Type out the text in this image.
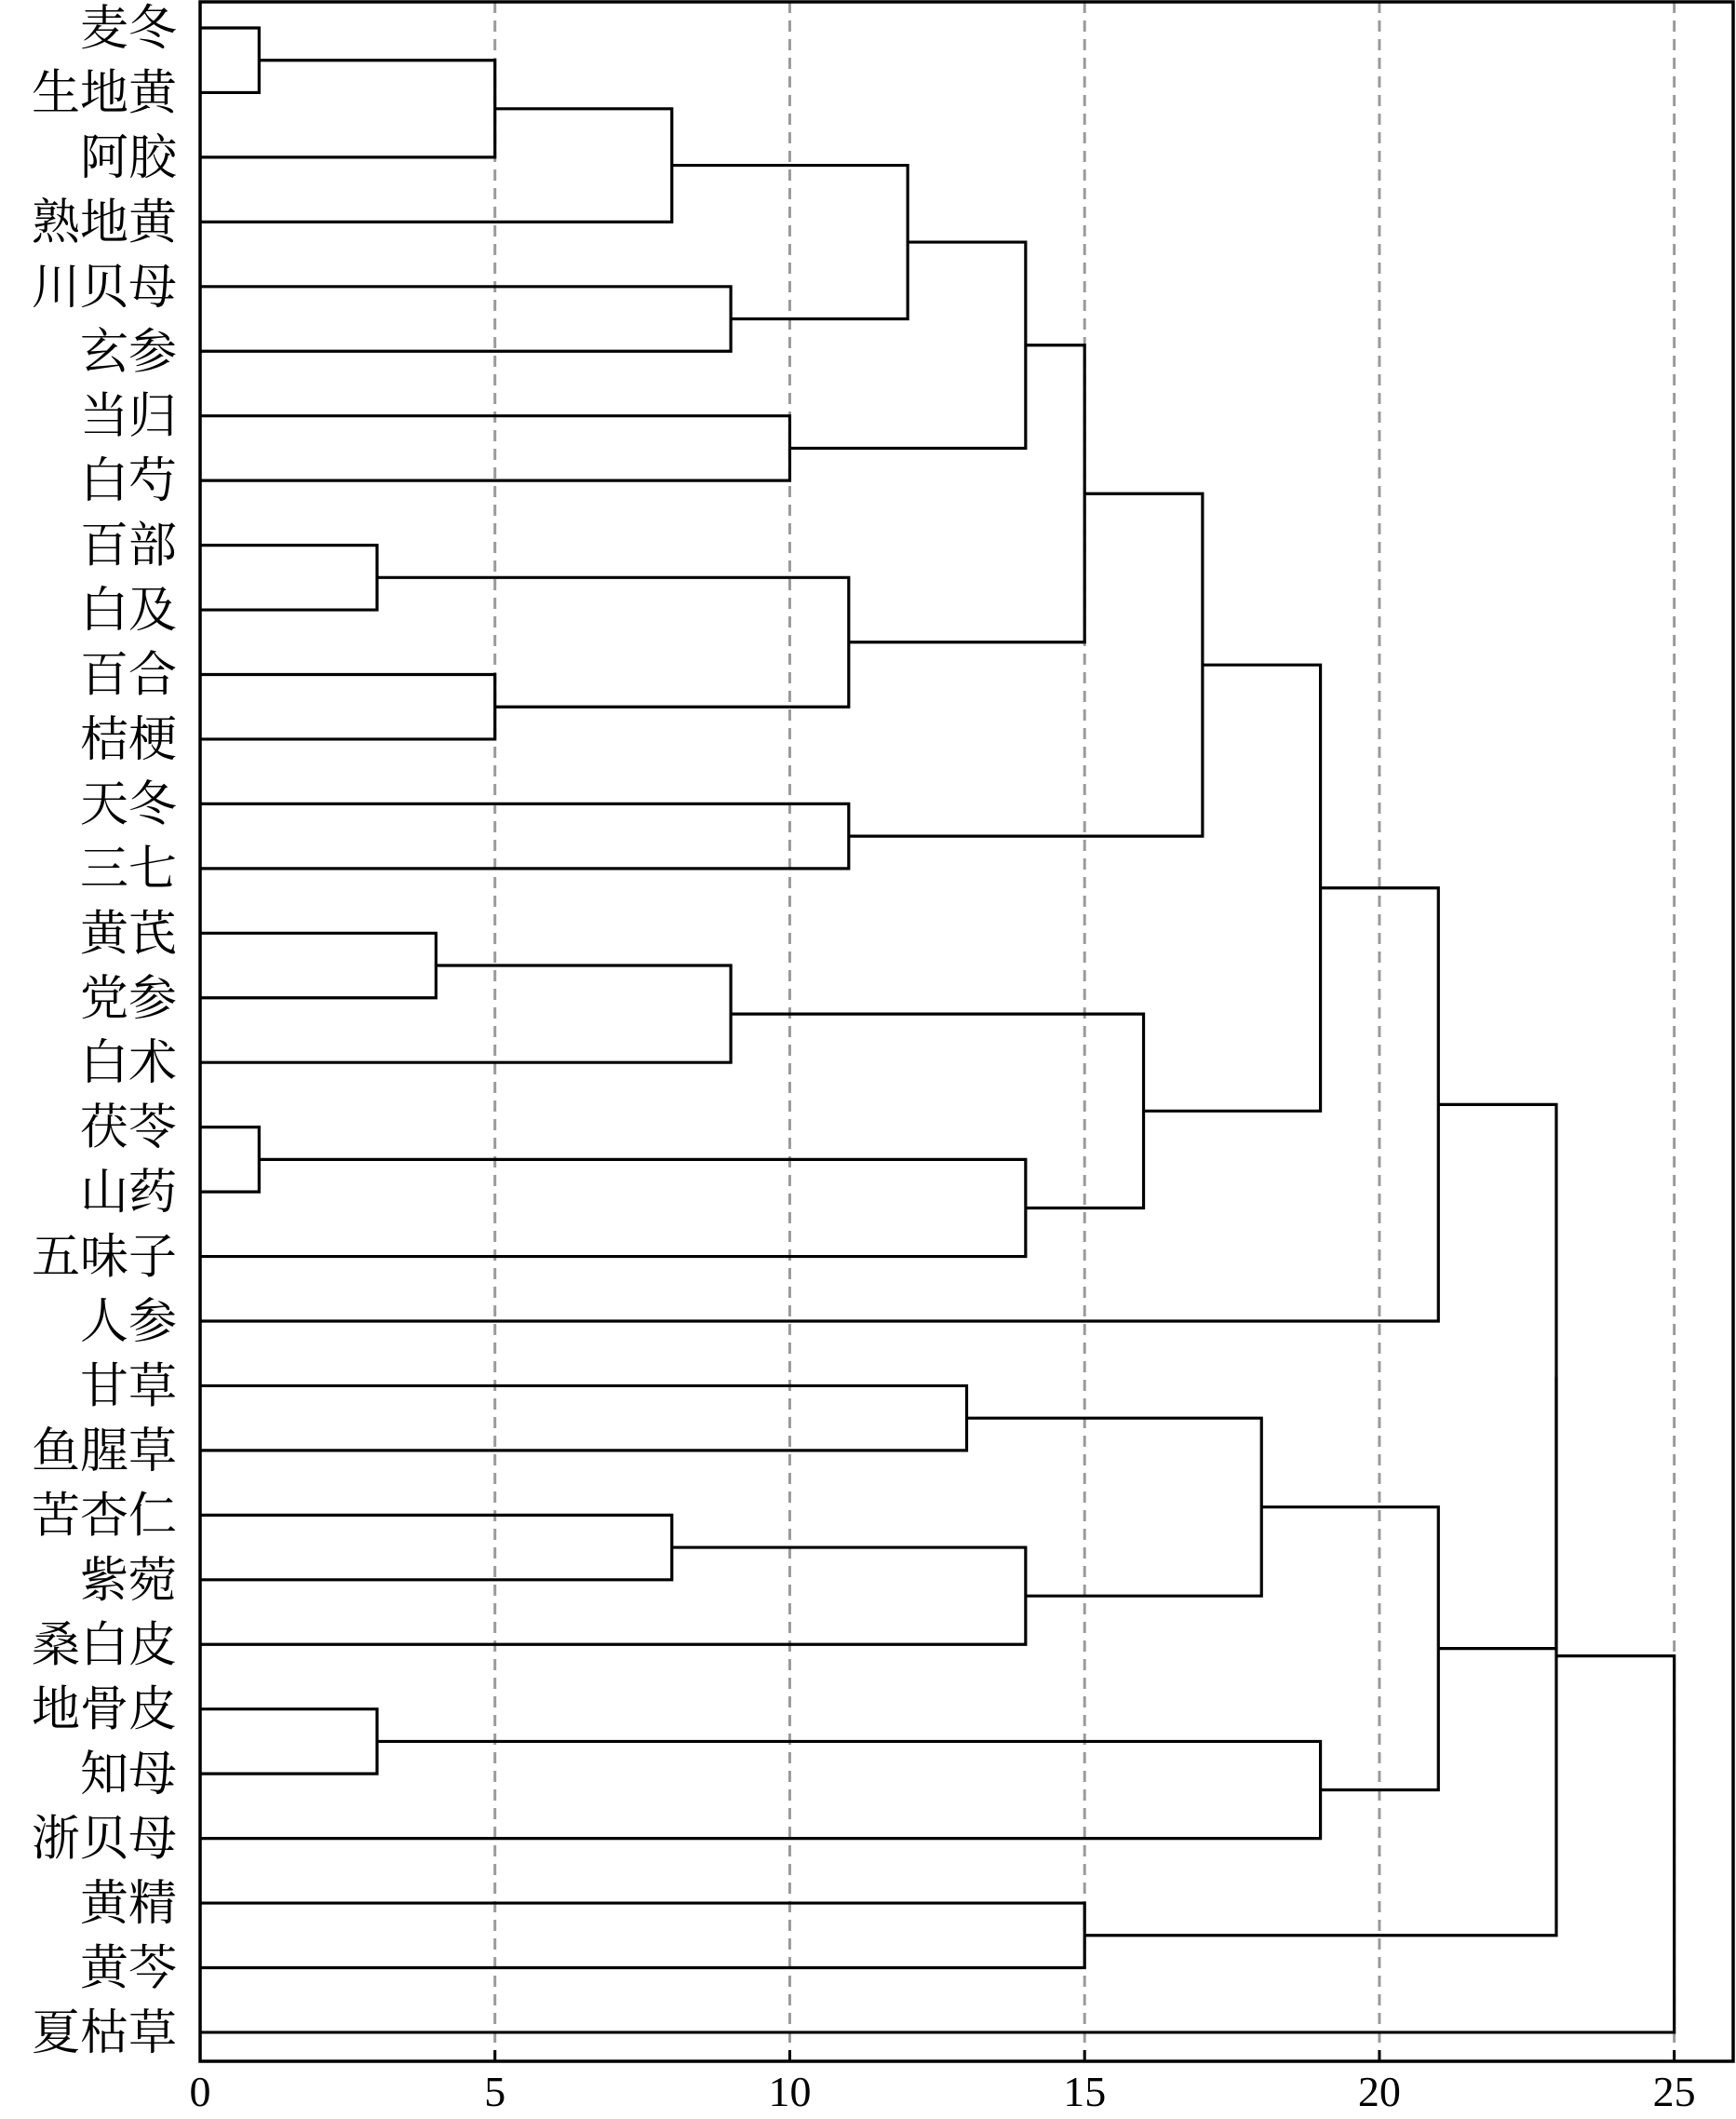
麦冬
生地黄
阿胶
熟地黄
川贝母
玄参
当归
白芍
百部
白及
百合
桔梗
天冬
三七
黄芪
党参
白术
茯苓
山药
五味子
人参
甘草
鱼腥草
苦杏仁
紫菀
桑白皮
地骨皮
知母
浙贝母
黄精
黄芩
夏枯草
0	5	10	15	20	25
